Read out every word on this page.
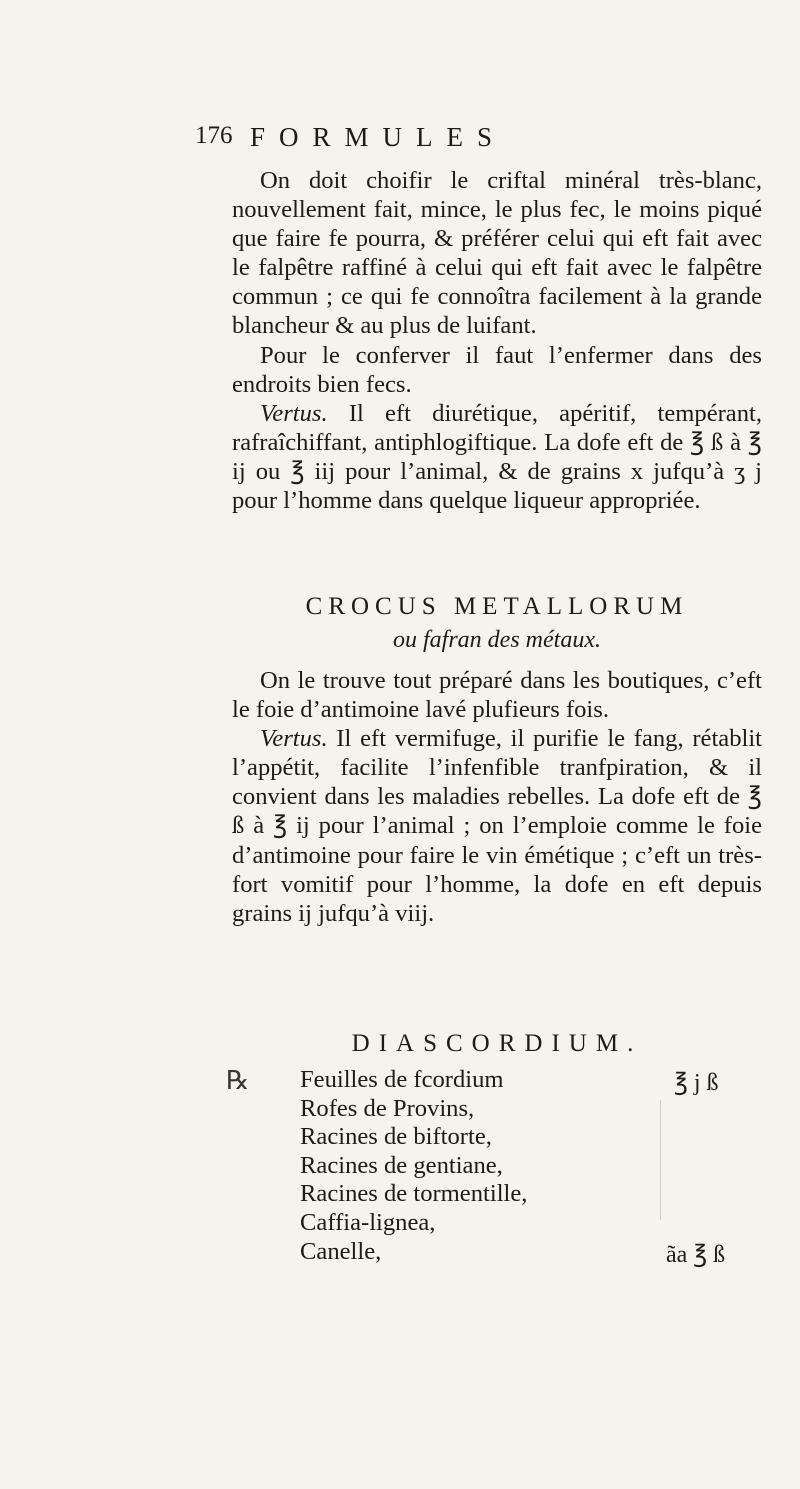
176 FORMULES

On doit choifir le criftal minéral très-blanc, nouvellement fait, mince, le plus fec, le moins piqué que faire fe pourra, & préférer celui qui eft fait avec le falpêtre raffiné à celui qui eft fait avec le falpêtre commun ; ce qui fe connoîtra facilement à la grande blancheur & au plus de luifant.

Pour le conferver il faut l’enfermer dans des endroits bien fecs.

Vertus. Il eft diurétique, apéritif, tempérant, rafraîchiffant, antiphlogiftique. La dofe eft de ℥ ß à ℥ ij ou ℥ iij pour l’animal, & de grains x jufqu’à ʒ j pour l’homme dans quelque liqueur appropriée.

CROCUS METALLORUM
ou fafran des métaux.

On le trouve tout préparé dans les boutiques, c’eft le foie d’antimoine lavé plufieurs fois.

Vertus. Il eft vermifuge, il purifie le fang, rétablit l’appétit, facilite l’infenfible tranfpiration, & il convient dans les maladies rebelles. La dofe eft de ℥ ß à ℥ ij pour l’animal ; on l’emploie comme le foie d’antimoine pour faire le vin émétique ; c’eft un très-fort vomitif pour l’homme, la dofe en eft depuis grains ij jufqu’à viij.

DIASCORDIUM.
℞ Feuilles de fcordium
Rofes de Provins,
Racines de biftorte,
Racines de gentiane,
Racines de tormentille,
Caffia-lignea,
Canelle,
℥ j ß
ãa ℥ ß
